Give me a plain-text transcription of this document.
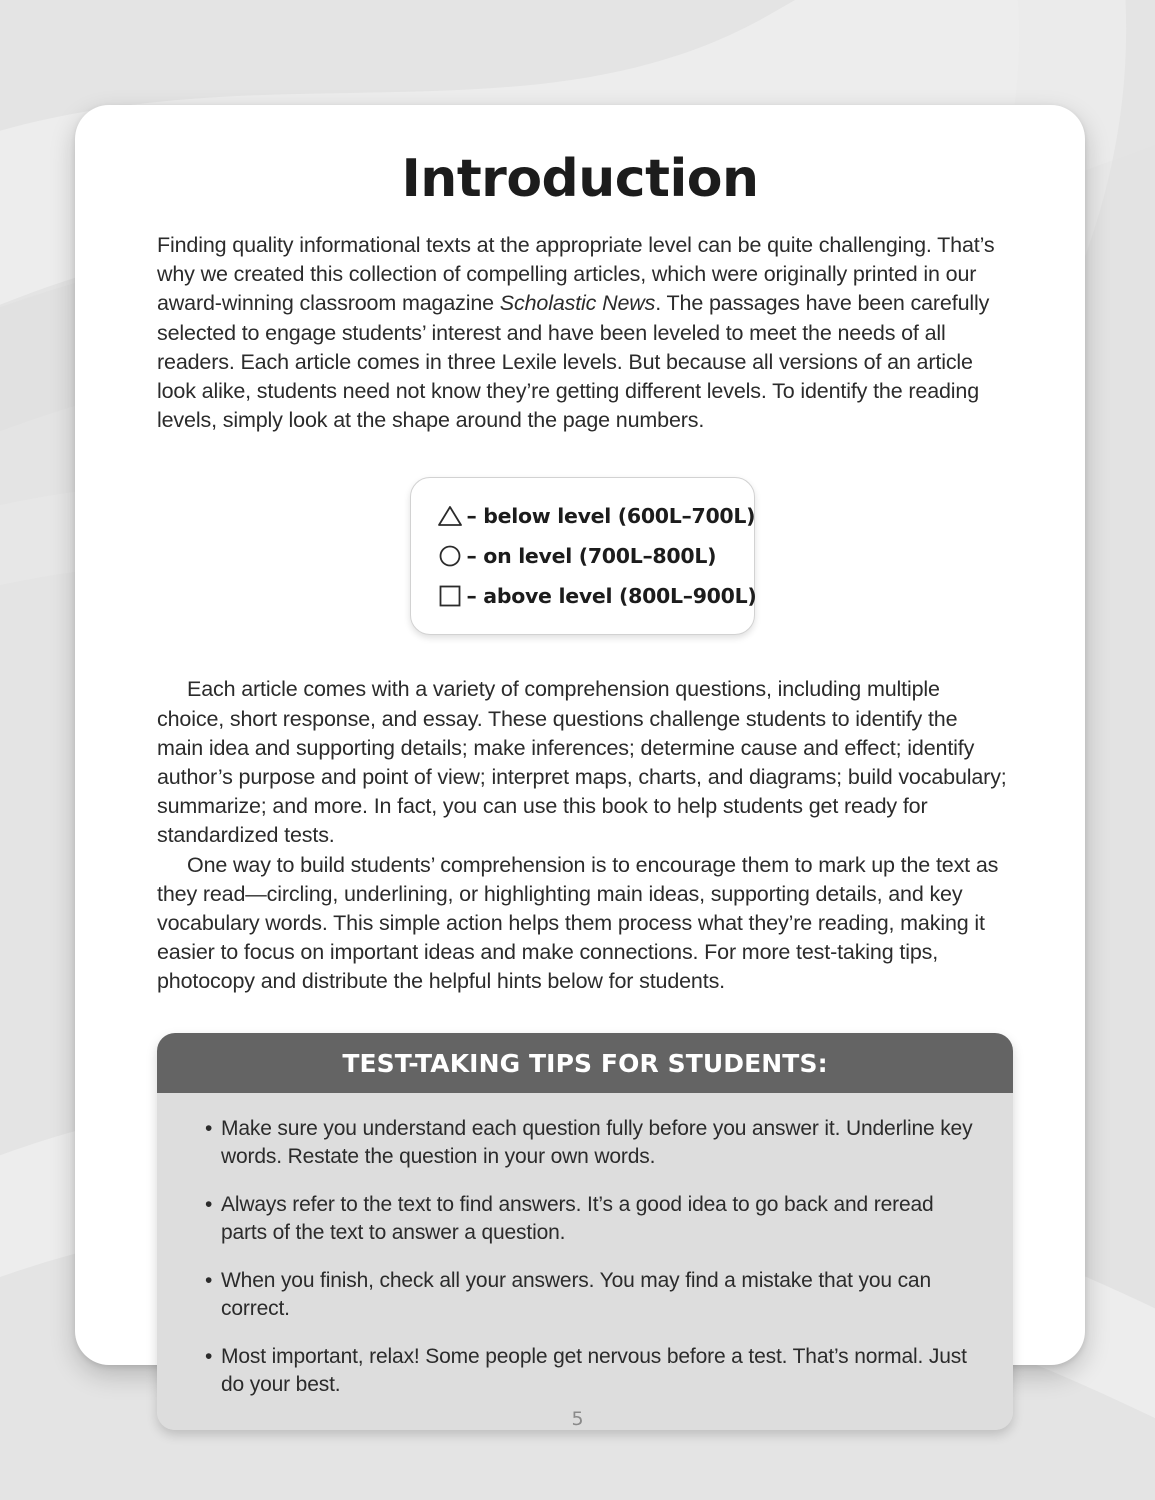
Introduction

Finding quality informational texts at the appropriate level can be quite challenging. That’s why we created this collection of compelling articles, which were originally printed in our award-winning classroom magazine Scholastic News. The passages have been carefully selected to engage students’ interest and have been leveled to meet the needs of all readers. Each article comes in three Lexile levels. But because all versions of an article look alike, students need not know they’re getting different levels. To identify the reading levels, simply look at the shape around the page numbers.

– below level (600L–700L)
– on level (700L–800L)
– above level (800L–900L)

Each article comes with a variety of comprehension questions, including multiple choice, short response, and essay. These questions challenge students to identify the main idea and supporting details; make inferences; determine cause and effect; identify author’s purpose and point of view; interpret maps, charts, and diagrams; build vocabulary; summarize; and more. In fact, you can use this book to help students get ready for standardized tests.

One way to build students’ comprehension is to encourage them to mark up the text as they read—circling, underlining, or highlighting main ideas, supporting details, and key vocabulary words. This simple action helps them process what they’re reading, making it easier to focus on important ideas and make connections. For more test-taking tips, photocopy and distribute the helpful hints below for students.

TEST-TAKING TIPS FOR STUDENTS:
• Make sure you understand each question fully before you answer it. Underline key words. Restate the question in your own words.
• Always refer to the text to find answers. It’s a good idea to go back and reread parts of the text to answer a question.
• When you finish, check all your answers. You may find a mistake that you can correct.
• Most important, relax! Some people get nervous before a test. That’s normal. Just do your best.
5
